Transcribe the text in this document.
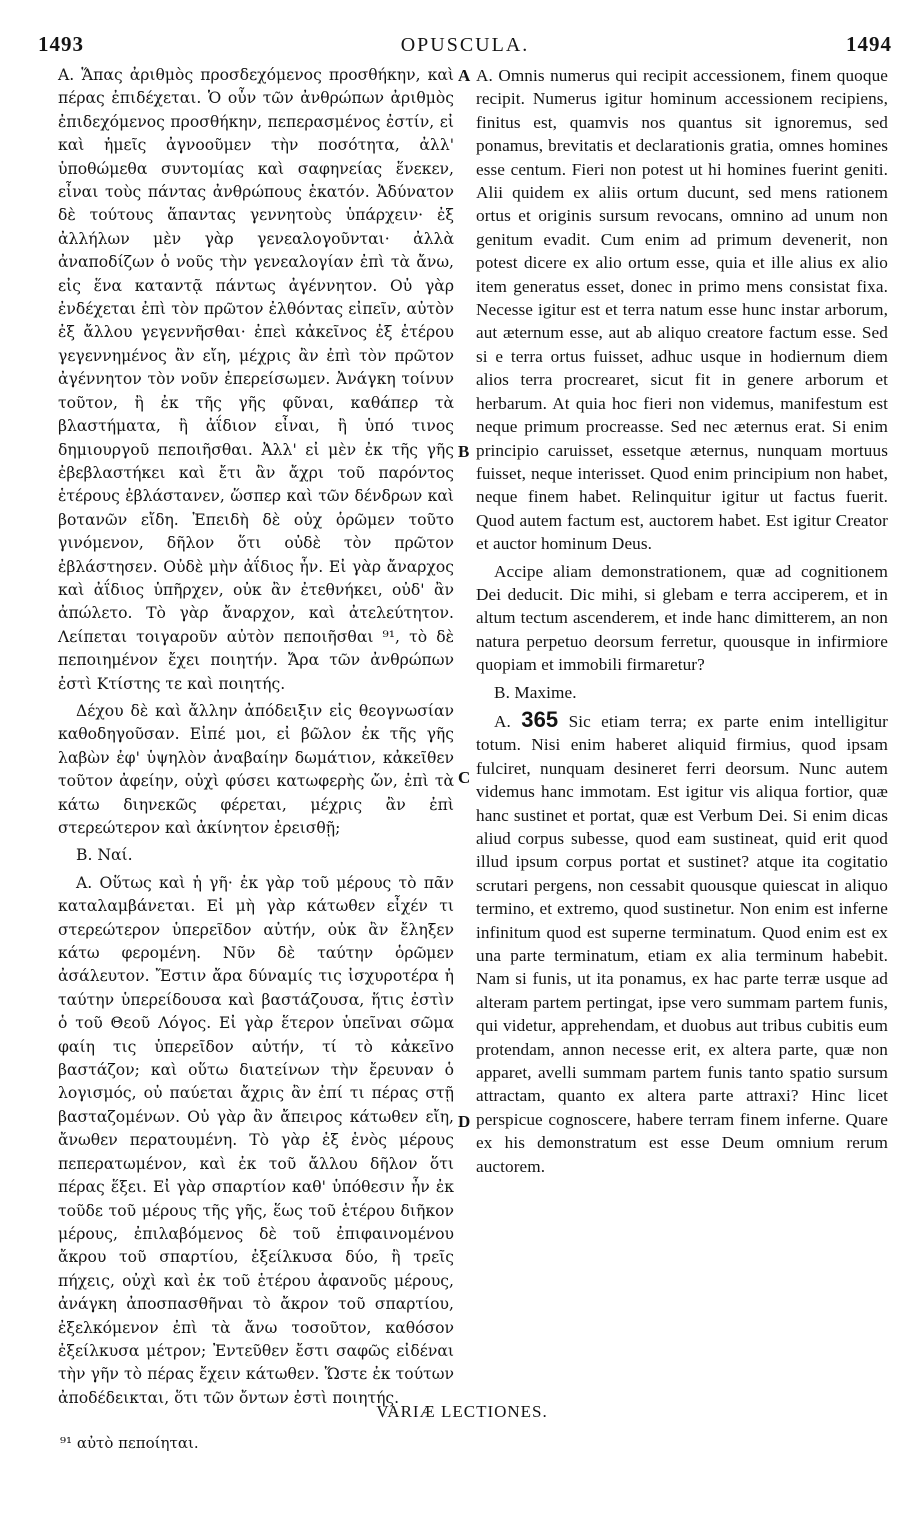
1493	OPUSCULA.	1494

A. Ἅπας ἀριθμὸς προσδεχόμενος προσθήκην, καὶ πέρας ἐπιδέχεται. Ὁ οὖν τῶν ἀνθρώπων ἀριθμὸς ἐπιδεχόμενος προσθήκην, πεπερασμένος ἐστίν, εἰ καὶ ἡμεῖς ἀγνοοῦμεν τὴν ποσότητα, ἀλλ' ὑποθώμεθα συντομίας καὶ σαφηνείας ἕνεκεν, εἶναι τοὺς πάντας ἀνθρώπους ἑκατόν. Ἀδύνατον δὲ τούτους ἅπαντας γεννητοὺς ὑπάρχειν· ἐξ ἀλλήλων μὲν γὰρ γενεαλογοῦνται· ἀλλὰ ἀναποδίζων ὁ νοῦς τὴν γενεαλογίαν ἐπὶ τὰ ἄνω, εἰς ἕνα καταντᾷ πάντως ἀγέννητον. Οὐ γὰρ ἐνδέχεται ἐπὶ τὸν πρῶτον ἐλθόντας εἰπεῖν, αὐτὸν ἐξ ἄλλου γεγεννῆσθαι· ἐπεὶ κἀκεῖνος ἐξ ἑτέρου γεγεννημένος ἂν εἴη, μέχρις ἂν ἐπὶ τὸν πρῶτον ἀγέννητον τὸν νοῦν ἐπερείσωμεν. Ἀνάγκη τοίνυν τοῦτον, ἢ ἐκ τῆς γῆς φῦναι, καθάπερ τὰ βλαστήματα, ἢ ἀΐδιον εἶναι, ἢ ὑπό τινος δημιουργοῦ πεποιῆσθαι. Ἀλλ' εἰ μὲν ἐκ τῆς γῆς ἐβεβλαστήκει καὶ ἔτι ἂν ἄχρι τοῦ παρόντος ἑτέρους ἐβλάστανεν, ὥσπερ καὶ τῶν δένδρων καὶ βοτανῶν εἴδη. Ἐπειδὴ δὲ οὐχ ὁρῶμεν τοῦτο γινόμενον, δῆλον ὅτι οὐδὲ τὸν πρῶτον ἐβλάστησεν. Οὐδὲ μὴν ἀΐδιος ἦν. Εἰ γὰρ ἄναρχος καὶ ἀΐδιος ὑπῆρχεν, οὐκ ἂν ἐτεθνήκει, οὐδ' ἂν ἀπώλετο. Τὸ γὰρ ἄναρχον, καὶ ἀτελεύτητον. Λείπεται τοιγαροῦν αὐτὸν πεποιῆσθαι ⁹¹, τὸ δὲ πεποιημένον ἔχει ποιητήν. Ἄρα τῶν ἀνθρώπων ἐστὶ Κτίστης τε καὶ ποιητής.

Δέχου δὲ καὶ ἄλλην ἀπόδειξιν εἰς θεογνωσίαν καθοδηγοῦσαν. Εἰπέ μοι, εἰ βῶλον ἐκ τῆς γῆς λαβὼν ἐφ' ὑψηλὸν ἀναβαίην δωμάτιον, κἀκεῖθεν τοῦτον ἀφείην, οὐχὶ φύσει κατωφερὴς ὤν, ἐπὶ τὰ κάτω διηνεκῶς φέρεται, μέχρις ἂν ἐπὶ στερεώτερον καὶ ἀκίνητον ἐρεισθῇ;

B. Ναί.

A. Οὕτως καὶ ἡ γῆ· ἐκ γὰρ τοῦ μέρους τὸ πᾶν καταλαμβάνεται. Εἰ μὴ γὰρ κάτωθεν εἶχέν τι στερεώτερον ὑπερεῖδον αὐτήν, οὐκ ἂν ἔληξεν κάτω φερομένη. Νῦν δὲ ταύτην ὁρῶμεν ἀσάλευτον. Ἔστιν ἄρα δύναμίς τις ἰσχυροτέρα ἡ ταύτην ὑπερείδουσα καὶ βαστάζουσα, ἥτις ἐστὶν ὁ τοῦ Θεοῦ Λόγος. Εἰ γὰρ ἕτερον ὑπεῖναι σῶμα φαίη τις ὑπερεῖδον αὐτήν, τί τὸ κἀκεῖνο βαστάζον; καὶ οὕτω διατείνων τὴν ἔρευναν ὁ λογισμός, οὐ παύεται ἄχρις ἂν ἐπί τι πέρας στῇ βασταζομένων. Οὐ γὰρ ἂν ἄπειρος κάτωθεν εἴη, ἄνωθεν περατουμένη. Τὸ γὰρ ἐξ ἑνὸς μέρους πεπερατωμένον, καὶ ἐκ τοῦ ἄλλου δῆλον ὅτι πέρας ἕξει. Εἰ γὰρ σπαρτίον καθ' ὑπόθεσιν ἦν ἐκ τοῦδε τοῦ μέρους τῆς γῆς, ἕως τοῦ ἑτέρου διῆκον μέρους, ἐπιλαβόμενος δὲ τοῦ ἐπιφαινομένου ἄκρου τοῦ σπαρτίου, ἐξείλκυσα δύο, ἢ τρεῖς πήχεις, οὐχὶ καὶ ἐκ τοῦ ἑτέρου ἀφανοῦς μέρους, ἀνάγκη ἀποσπασθῆναι τὸ ἄκρον τοῦ σπαρτίου, ἐξελκόμενον ἐπὶ τὰ ἄνω τοσοῦτον, καθόσον ἐξείλκυσα μέτρον; Ἐντεῦθεν ἔστι σαφῶς εἰδέναι τὴν γῆν τὸ πέρας ἔχειν κάτωθεν. Ὥστε ἐκ τούτων ἀποδέδεικται, ὅτι τῶν ὄντων ἐστὶ ποιητής.

A
B
C
D

A. Omnis numerus qui recipit accessionem, finem quoque recipit. Numerus igitur hominum accessionem recipiens, finitus est, quamvis nos quantus sit ignoremus, sed ponamus, brevitatis et declarationis gratia, omnes homines esse centum. Fieri non potest ut hi homines fuerint geniti. Alii quidem ex aliis ortum ducunt, sed mens rationem ortus et originis sursum revocans, omnino ad unum non genitum evadit. Cum enim ad primum devenerit, non potest dicere ex alio ortum esse, quia et ille alius ex alio item generatus esset, donec in primo mens consistat fixa. Necesse igitur est et terra natum esse hunc instar arborum, aut æternum esse, aut ab aliquo creatore factum esse. Sed si e terra ortus fuisset, adhuc usque in hodiernum diem alios terra procrearet, sicut fit in genere arborum et herbarum. At quia hoc fieri non videmus, manifestum est neque primum procreasse. Sed nec æternus erat. Si enim principio caruisset, essetque æternus, nunquam mortuus fuisset, neque interisset. Quod enim principium non habet, neque finem habet. Relinquitur igitur ut factus fuerit. Quod autem factum est, auctorem habet. Est igitur Creator et auctor hominum Deus.

Accipe aliam demonstrationem, quæ ad cognitionem Dei deducit. Dic mihi, si glebam e terra acciperem, et in altum tectum ascenderem, et inde hanc dimitterem, an non natura perpetuo deorsum ferretur, quousque in infirmiore quopiam et immobili firmaretur?

B. Maxime.

A. 365 Sic etiam terra; ex parte enim intelligitur totum. Nisi enim haberet aliquid firmius, quod ipsam fulciret, nunquam desineret ferri deorsum. Nunc autem videmus hanc immotam. Est igitur vis aliqua fortior, quæ hanc sustinet et portat, quæ est Verbum Dei. Si enim dicas aliud corpus subesse, quod eam sustineat, quid erit quod illud ipsum corpus portat et sustinet? atque ita cogitatio scrutari pergens, non cessabit quousque quiescat in aliquo termino, et extremo, quod sustinetur. Non enim est inferne infinitum quod est superne terminatum. Quod enim est ex una parte terminatum, etiam ex alia terminum habebit. Nam si funis, ut ita ponamus, ex hac parte terræ usque ad alteram partem pertingat, ipse vero summam partem funis, qui videtur, apprehendam, et duobus aut tribus cubitis eum protendam, annon necesse erit, ex altera parte, quæ non apparet, avelli summam partem funis tanto spatio sursum attractam, quanto ex altera parte attraxi? Hinc licet perspicue cognoscere, habere terram finem inferne. Quare ex his demonstratum est esse Deum omnium rerum auctorem.

VARIÆ LECTIONES.
⁹¹ αὐτὸ πεποίηται.
